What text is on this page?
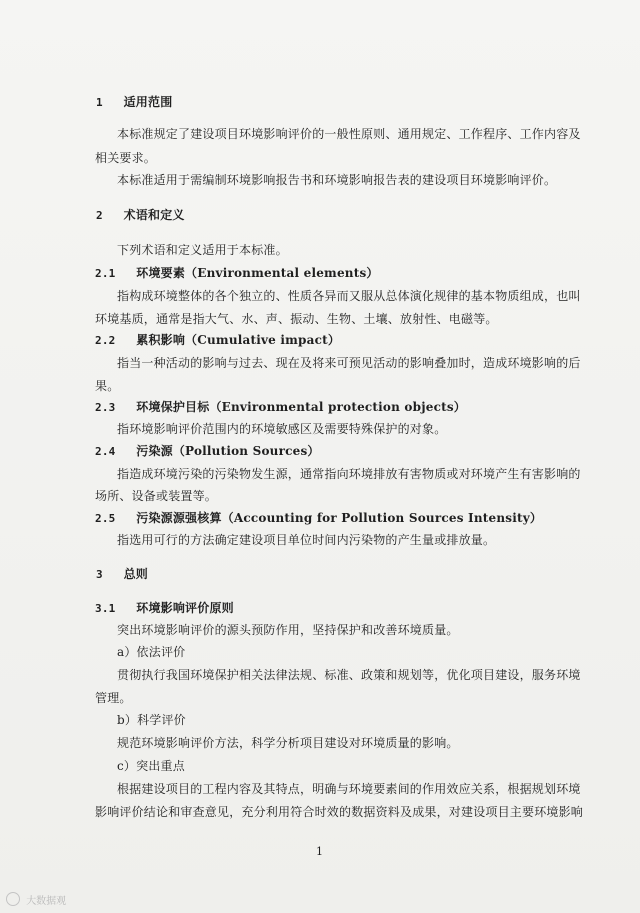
1 适用范围
本标准规定了建设项目环境影响评价的一般性原则、通用规定、工作程序、工作内容及
相关要求。
本标准适用于需编制环境影响报告书和环境影响报告表的建设项目环境影响评价。
2 术语和定义
下列术语和定义适用于本标准。
2.1 环境要素（Environmental elements）
指构成环境整体的各个独立的、性质各异而又服从总体演化规律的基本物质组成，也叫
环境基质，通常是指大气、水、声、振动、生物、土壤、放射性、电磁等。
2.2 累积影响（Cumulative impact）
指当一种活动的影响与过去、现在及将来可预见活动的影响叠加时，造成环境影响的后
果。
2.3 环境保护目标（Environmental protection objects）
指环境影响评价范围内的环境敏感区及需要特殊保护的对象。
2.4 污染源（Pollution Sources）
指造成环境污染的污染物发生源，通常指向环境排放有害物质或对环境产生有害影响的
场所、设备或装置等。
2.5 污染源源强核算（Accounting for Pollution Sources Intensity）
指选用可行的方法确定建设项目单位时间内污染物的产生量或排放量。
3 总则
3.1 环境影响评价原则
突出环境影响评价的源头预防作用，坚持保护和改善环境质量。
a）依法评价
贯彻执行我国环境保护相关法律法规、标准、政策和规划等，优化项目建设，服务环境
管理。
b）科学评价
规范环境影响评价方法，科学分析项目建设对环境质量的影响。
c）突出重点
根据建设项目的工程内容及其特点，明确与环境要素间的作用效应关系，根据规划环境
影响评价结论和审查意见，充分利用符合时效的数据资料及成果，对建设项目主要环境影响
1
大数据观
